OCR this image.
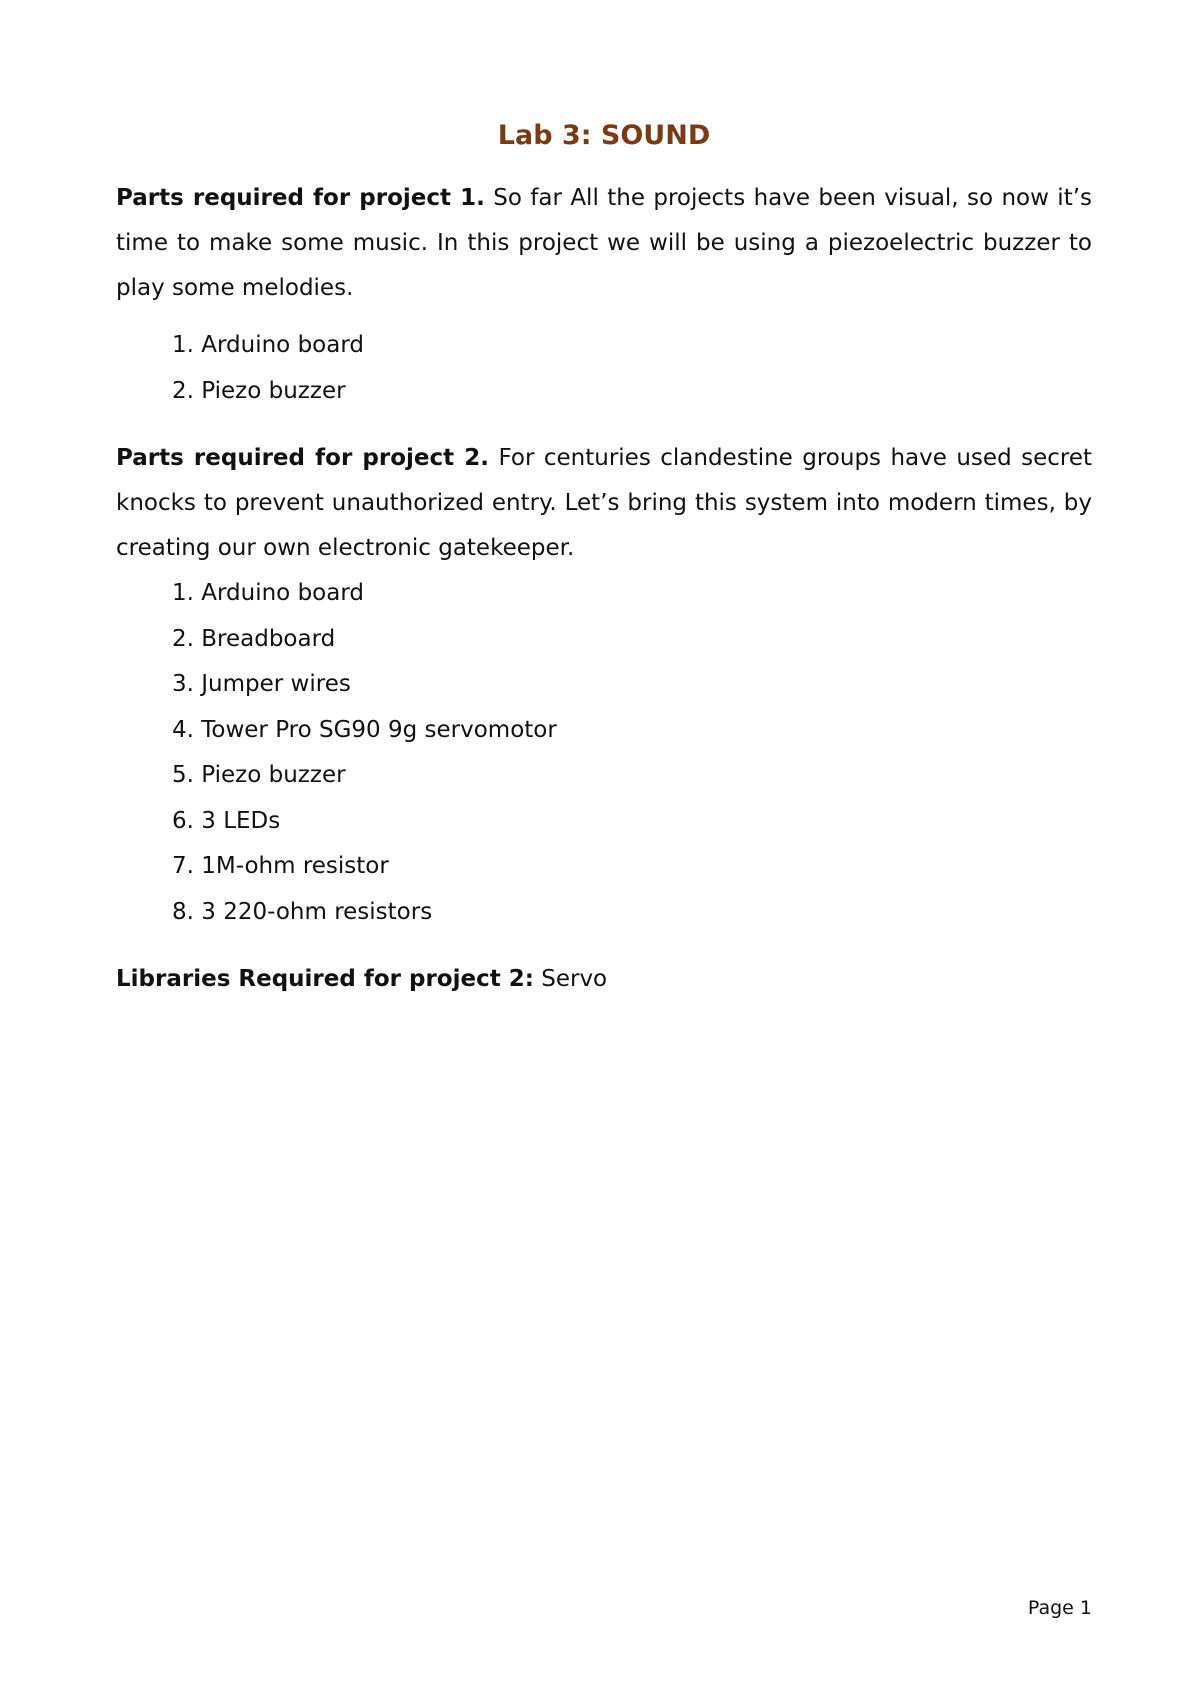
Lab 3: SOUND

Parts required for project 1. So far All the projects have been visual, so now it’s time to make some music. In this project we will be using a piezoelectric buzzer to play some melodies.

1. Arduino board
2. Piezo buzzer

Parts required for project 2. For centuries clandestine groups have used secret knocks to prevent unauthorized entry. Let’s bring this system into modern times, by creating our own electronic gatekeeper.

1. Arduino board
2. Breadboard
3. Jumper wires
4. Tower Pro SG90 9g servomotor
5. Piezo buzzer
6. 3 LEDs
7. 1M-ohm resistor
8. 3 220-ohm resistors

Libraries Required for project 2: Servo

Page 1
